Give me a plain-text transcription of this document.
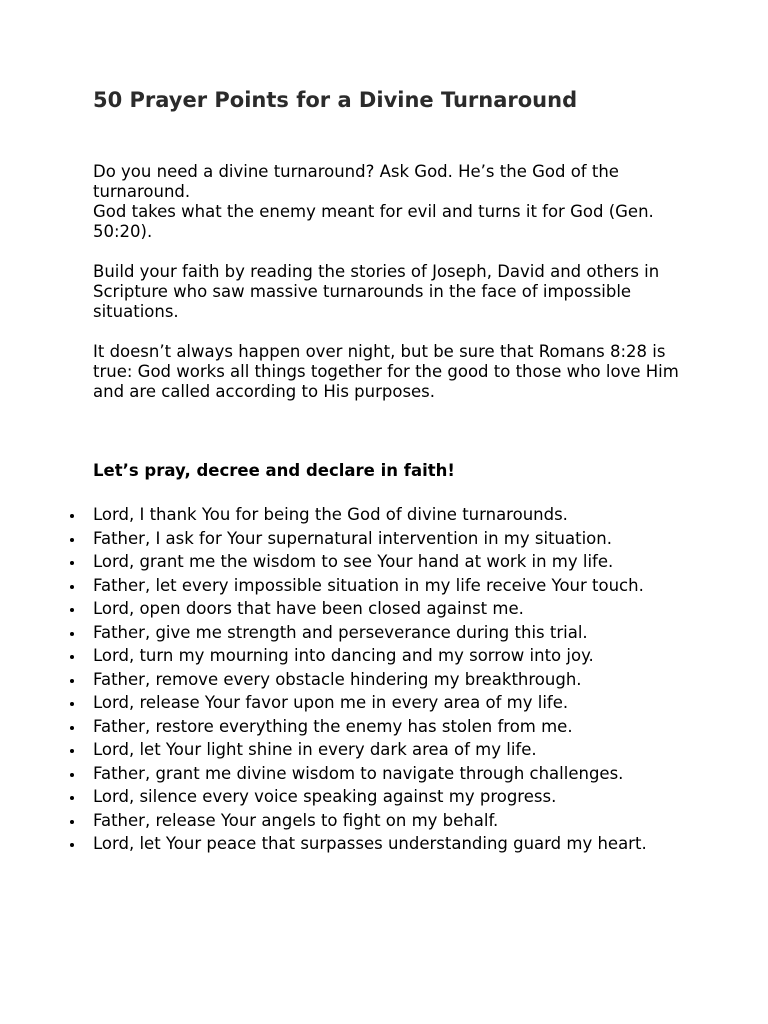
50 Prayer Points for a Divine Turnaround

Do you need a divine turnaround? Ask God. He’s the God of the turnaround.

God takes what the enemy meant for evil and turns it for God (Gen. 50:20).

Build your faith by reading the stories of Joseph, David and others in Scripture who saw massive turnarounds in the face of impossible situations.

It doesn’t always happen over night, but be sure that Romans 8:28 is true: God works all things together for the good to those who love Him and are called according to His purposes.

Let’s pray, decree and declare in faith!
Lord, I thank You for being the God of divine turnarounds.
Father, I ask for Your supernatural intervention in my situation.
Lord, grant me the wisdom to see Your hand at work in my life.
Father, let every impossible situation in my life receive Your touch.
Lord, open doors that have been closed against me.
Father, give me strength and perseverance during this trial.
Lord, turn my mourning into dancing and my sorrow into joy.
Father, remove every obstacle hindering my breakthrough.
Lord, release Your favor upon me in every area of my life.
Father, restore everything the enemy has stolen from me.
Lord, let Your light shine in every dark area of my life.
Father, grant me divine wisdom to navigate through challenges.
Lord, silence every voice speaking against my progress.
Father, release Your angels to fight on my behalf.
Lord, let Your peace that surpasses understanding guard my heart.
